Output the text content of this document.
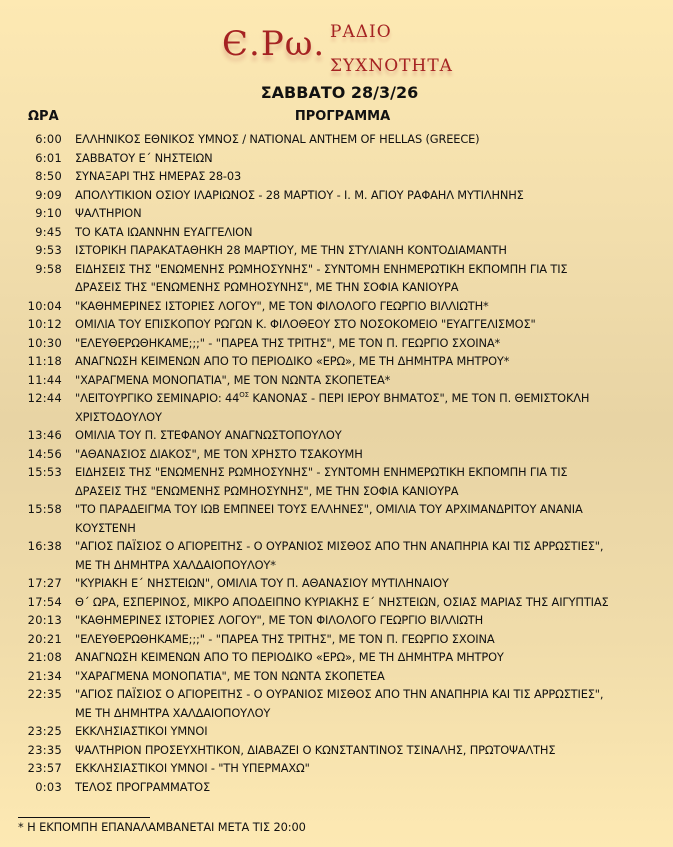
Є.Ρω. ΡΑΔΙΟ
ΣΥΧΝΟΤΗΤΑ
ΣΑΒΒΑΤΟ 28/3/26
ΠΡΟΓΡΑΜΜΑ
ΩΡΑ
6:00	ΕΛΛΗΝΙΚΟΣ ΕΘΝΙΚΟΣ ΥΜΝΟΣ / NATIONAL ANTHEM OF HELLAS (GREECE)
6:01	ΣΑΒΒΑΤΟΥ Ε΄ ΝΗΣΤΕΙΩΝ
8:50	ΣΥΝΑΞΑΡΙ ΤΗΣ ΗΜΕΡΑΣ 28-03
9:09	ΑΠΟΛΥΤΙΚΙΟΝ ΟΣΙΟΥ ΙΛΑΡΙΩΝΟΣ - 28 ΜΑΡΤΙΟΥ - Ι. Μ. ΑΓΙΟΥ ΡΑΦΑΗΛ ΜΥΤΙΛΗΝΗΣ
9:10	ΨΑΛΤΗΡΙΟΝ
9:45	ΤΟ ΚΑΤΑ ΙΩΑΝΝΗΝ ΕΥΑΓΓΕΛΙΟΝ
9:53	ΙΣΤΟΡΙΚΗ ΠΑΡΑΚΑΤΑΘΗΚΗ 28 ΜΑΡΤΙΟΥ, ΜΕ ΤΗΝ ΣΤΥΛΙΑΝΗ ΚΟΝΤΟΔΙΑΜΑΝΤΗ
9:58	ΕΙΔΗΣΕΙΣ ΤΗΣ "ΕΝΩΜΕΝΗΣ ΡΩΜΗΟΣΥΝΗΣ" - ΣΥΝΤΟΜΗ ΕΝΗΜΕΡΩΤΙΚΗ ΕΚΠΟΜΠΗ ΓΙΑ ΤΙΣ
ΔΡΑΣΕΙΣ ΤΗΣ "ΕΝΩΜΕΝΗΣ ΡΩΜΗΟΣΥΝΗΣ", ΜΕ ΤΗΝ ΣΟΦΙΑ ΚΑΝΙΟΥΡΑ
10:04	"ΚΑΘΗΜΕΡΙΝΕΣ ΙΣΤΟΡΙΕΣ ΛΟΓΟΥ", ΜΕ ΤΟΝ ΦΙΛΟΛΟΓΟ ΓΕΩΡΓΙΟ ΒΙΛΛΙΩΤΗ*
10:12	ΟΜΙΛΙΑ ΤΟΥ ΕΠΙΣΚΟΠΟΥ ΡΩΓΩΝ Κ. ΦΙΛΟΘΕΟΥ ΣΤΟ ΝΟΣΟΚΟΜΕΙΟ "ΕΥΑΓΓΕΛΙΣΜΟΣ"
10:30	"ΕΛΕΥΘΕΡΩΘΗΚΑΜΕ;;;" - "ΠΑΡΕΑ ΤΗΣ ΤΡΙΤΗΣ", ΜΕ ΤΟΝ Π. ΓΕΩΡΓΙΟ ΣΧΟΙΝΑ*
11:18	ΑΝΑΓΝΩΣΗ ΚΕΙΜΕΝΩΝ ΑΠΟ ΤΟ ΠΕΡΙΟΔΙΚΟ «ΕΡΩ», ΜΕ ΤΗ ΔΗΜΗΤΡΑ ΜΗΤΡΟΥ*
11:44	"ΧΑΡΑΓΜΕΝΑ ΜΟΝΟΠΑΤΙΑ", ΜΕ ΤΟΝ ΝΩΝΤΑ ΣΚΟΠΕΤΕΑ*
12:44	"ΛΕΙΤΟΥΡΓΙΚΟ ΣΕΜΙΝΑΡΙΟ: $44^{O\Sigma}$ ΚΑΝΟΝΑΣ - ΠΕΡΙ ΙΕΡΟΥ ΒΗΜΑΤΟΣ", ΜΕ ΤΟΝ Π. ΘΕΜΙΣΤΟΚΛΗ
ΧΡΙΣΤΟΔΟΥΛΟΥ
13:46	ΟΜΙΛΙΑ ΤΟΥ Π. ΣΤΕΦΑΝΟΥ ΑΝΑΓΝΩΣΤΟΠΟΥΛΟΥ
14:56	"ΑΘΑΝΑΣΙΟΣ ΔΙΑΚΟΣ", ΜΕ ΤΟΝ ΧΡΗΣΤΟ ΤΣΑΚΟΥΜΗ
15:53	ΕΙΔΗΣΕΙΣ ΤΗΣ "ΕΝΩΜΕΝΗΣ ΡΩΜΗΟΣΥΝΗΣ" - ΣΥΝΤΟΜΗ ΕΝΗΜΕΡΩΤΙΚΗ ΕΚΠΟΜΠΗ ΓΙΑ ΤΙΣ
ΔΡΑΣΕΙΣ ΤΗΣ "ΕΝΩΜΕΝΗΣ ΡΩΜΗΟΣΥΝΗΣ", ΜΕ ΤΗΝ ΣΟΦΙΑ ΚΑΝΙΟΥΡΑ
15:58	"ΤΟ ΠΑΡΑΔΕΙΓΜΑ ΤΟΥ ΙΩΒ ΕΜΠΝΕΕΙ ΤΟΥΣ ΕΛΛΗΝΕΣ", ΟΜΙΛΙΑ ΤΟΥ ΑΡΧΙΜΑΝΔΡΙΤΟΥ ΑΝΑΝΙΑ
ΚΟΥΣΤΕΝΗ
16:38	"ΑΓΙΟΣ ΠΑΪΣΙΟΣ Ο ΑΓΙΟΡΕΙΤΗΣ - Ο ΟΥΡΑΝΙΟΣ ΜΙΣΘΟΣ ΑΠΟ ΤΗΝ ΑΝΑΠΗΡΙΑ ΚΑΙ ΤΙΣ ΑΡΡΩΣΤΙΕΣ",
ΜΕ ΤΗ ΔΗΜΗΤΡΑ ΧΑΛΔΑΙΟΠΟΥΛΟΥ*
17:27	"ΚΥΡΙΑΚΗ Ε΄ ΝΗΣΤΕΙΩΝ", ΟΜΙΛΙΑ ΤΟΥ Π. ΑΘΑΝΑΣΙΟΥ ΜΥΤΙΛΗΝΑΙΟΥ
17:54	Θ΄ ΩΡΑ, ΕΣΠΕΡΙΝΟΣ, ΜΙΚΡΟ ΑΠΟΔΕΙΠΝΟ ΚΥΡΙΑΚΗΣ Ε΄ ΝΗΣΤΕΙΩΝ, ΟΣΙΑΣ ΜΑΡΙΑΣ ΤΗΣ ΑΙΓΥΠΤΙΑΣ
20:13	"ΚΑΘΗΜΕΡΙΝΕΣ ΙΣΤΟΡΙΕΣ ΛΟΓΟΥ", ΜΕ ΤΟΝ ΦΙΛΟΛΟΓΟ ΓΕΩΡΓΙΟ ΒΙΛΛΙΩΤΗ
20:21	"ΕΛΕΥΘΕΡΩΘΗΚΑΜΕ;;;" - "ΠΑΡΕΑ ΤΗΣ ΤΡΙΤΗΣ", ΜΕ ΤΟΝ Π. ΓΕΩΡΓΙΟ ΣΧΟΙΝΑ
21:08	ΑΝΑΓΝΩΣΗ ΚΕΙΜΕΝΩΝ ΑΠΟ ΤΟ ΠΕΡΙΟΔΙΚΟ «ΕΡΩ», ΜΕ ΤΗ ΔΗΜΗΤΡΑ ΜΗΤΡΟΥ
21:34	"ΧΑΡΑΓΜΕΝΑ ΜΟΝΟΠΑΤΙΑ", ΜΕ ΤΟΝ ΝΩΝΤΑ ΣΚΟΠΕΤΕΑ
22:35	"ΑΓΙΟΣ ΠΑΪΣΙΟΣ Ο ΑΓΙΟΡΕΙΤΗΣ - Ο ΟΥΡΑΝΙΟΣ ΜΙΣΘΟΣ ΑΠΟ ΤΗΝ ΑΝΑΠΗΡΙΑ ΚΑΙ ΤΙΣ ΑΡΡΩΣΤΙΕΣ",
ΜΕ ΤΗ ΔΗΜΗΤΡΑ ΧΑΛΔΑΙΟΠΟΥΛΟΥ
23:25	ΕΚΚΛΗΣΙΑΣΤΙΚΟΙ ΥΜΝΟΙ
23:35	ΨΑΛΤΗΡΙΟΝ ΠΡΟΣΕΥΧΗΤΙΚΟΝ, ΔΙΑΒΑΖΕΙ Ο ΚΩΝΣΤΑΝΤΙΝΟΣ ΤΣΙΝΑΛΗΣ, ΠΡΩΤΟΨΑΛΤΗΣ
23:57	ΕΚΚΛΗΣΙΑΣΤΙΚΟΙ ΥΜΝΟΙ - "ΤΗ ΥΠΕΡΜΑΧΩ"
0:03	ΤΕΛΟΣ ΠΡΟΓΡΑΜΜΑΤΟΣ
* Η ΕΚΠΟΜΠΗ ΕΠΑΝΑΛΑΜΒΑΝΕΤΑΙ ΜΕΤΑ ΤΙΣ 20:00
